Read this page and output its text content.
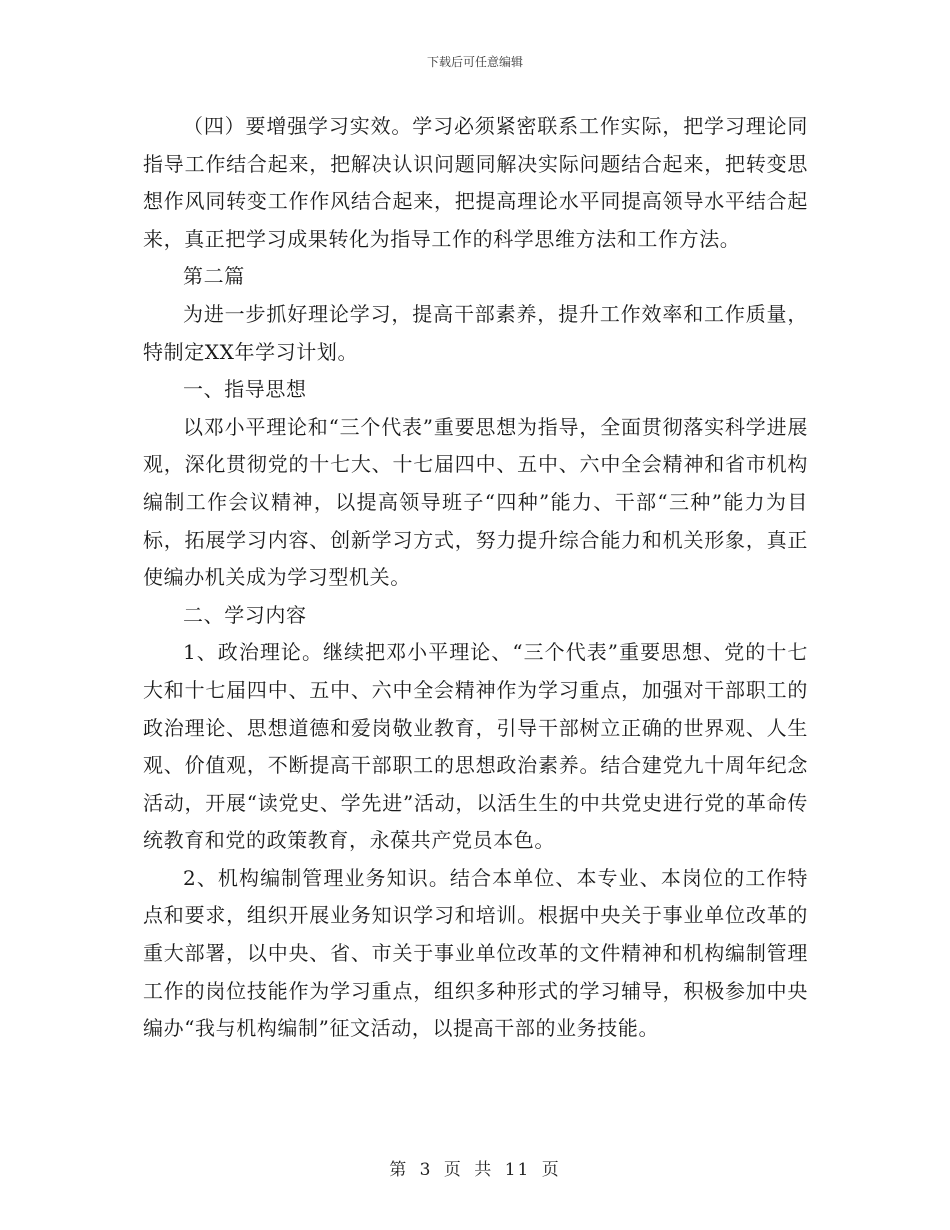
下载后可任意编辑

（四）要增强学习实效。学习必须紧密联系工作实际，把学习理论同指导工作结合起来，把解决认识问题同解决实际问题结合起来，把转变思想作风同转变工作作风结合起来，把提高理论水平同提高领导水平结合起来，真正把学习成果转化为指导工作的科学思维方法和工作方法。

第二篇

为进一步抓好理论学习，提高干部素养，提升工作效率和工作质量，特制定XX年学习计划。

一、指导思想

以邓小平理论和“三个代表”重要思想为指导，全面贯彻落实科学进展观，深化贯彻党的十七大、十七届四中、五中、六中全会精神和省市机构编制工作会议精神，以提高领导班子“四种”能力、干部“三种”能力为目标，拓展学习内容、创新学习方式，努力提升综合能力和机关形象，真正使编办机关成为学习型机关。

二、学习内容

1、政治理论。继续把邓小平理论、“三个代表”重要思想、党的十七大和十七届四中、五中、六中全会精神作为学习重点，加强对干部职工的政治理论、思想道德和爱岗敬业教育，引导干部树立正确的世界观、人生观、价值观，不断提高干部职工的思想政治素养。结合建党九十周年纪念活动，开展“读党史、学先进”活动，以活生生的中共党史进行党的革命传统教育和党的政策教育，永葆共产党员本色。

2、机构编制管理业务知识。结合本单位、本专业、本岗位的工作特点和要求，组织开展业务知识学习和培训。根据中央关于事业单位改革的重大部署，以中央、省、市关于事业单位改革的文件精神和机构编制管理工作的岗位技能作为学习重点，组织多种形式的学习辅导，积极参加中央编办“我与机构编制”征文活动，以提高干部的业务技能。

第 3 页 共 11 页
